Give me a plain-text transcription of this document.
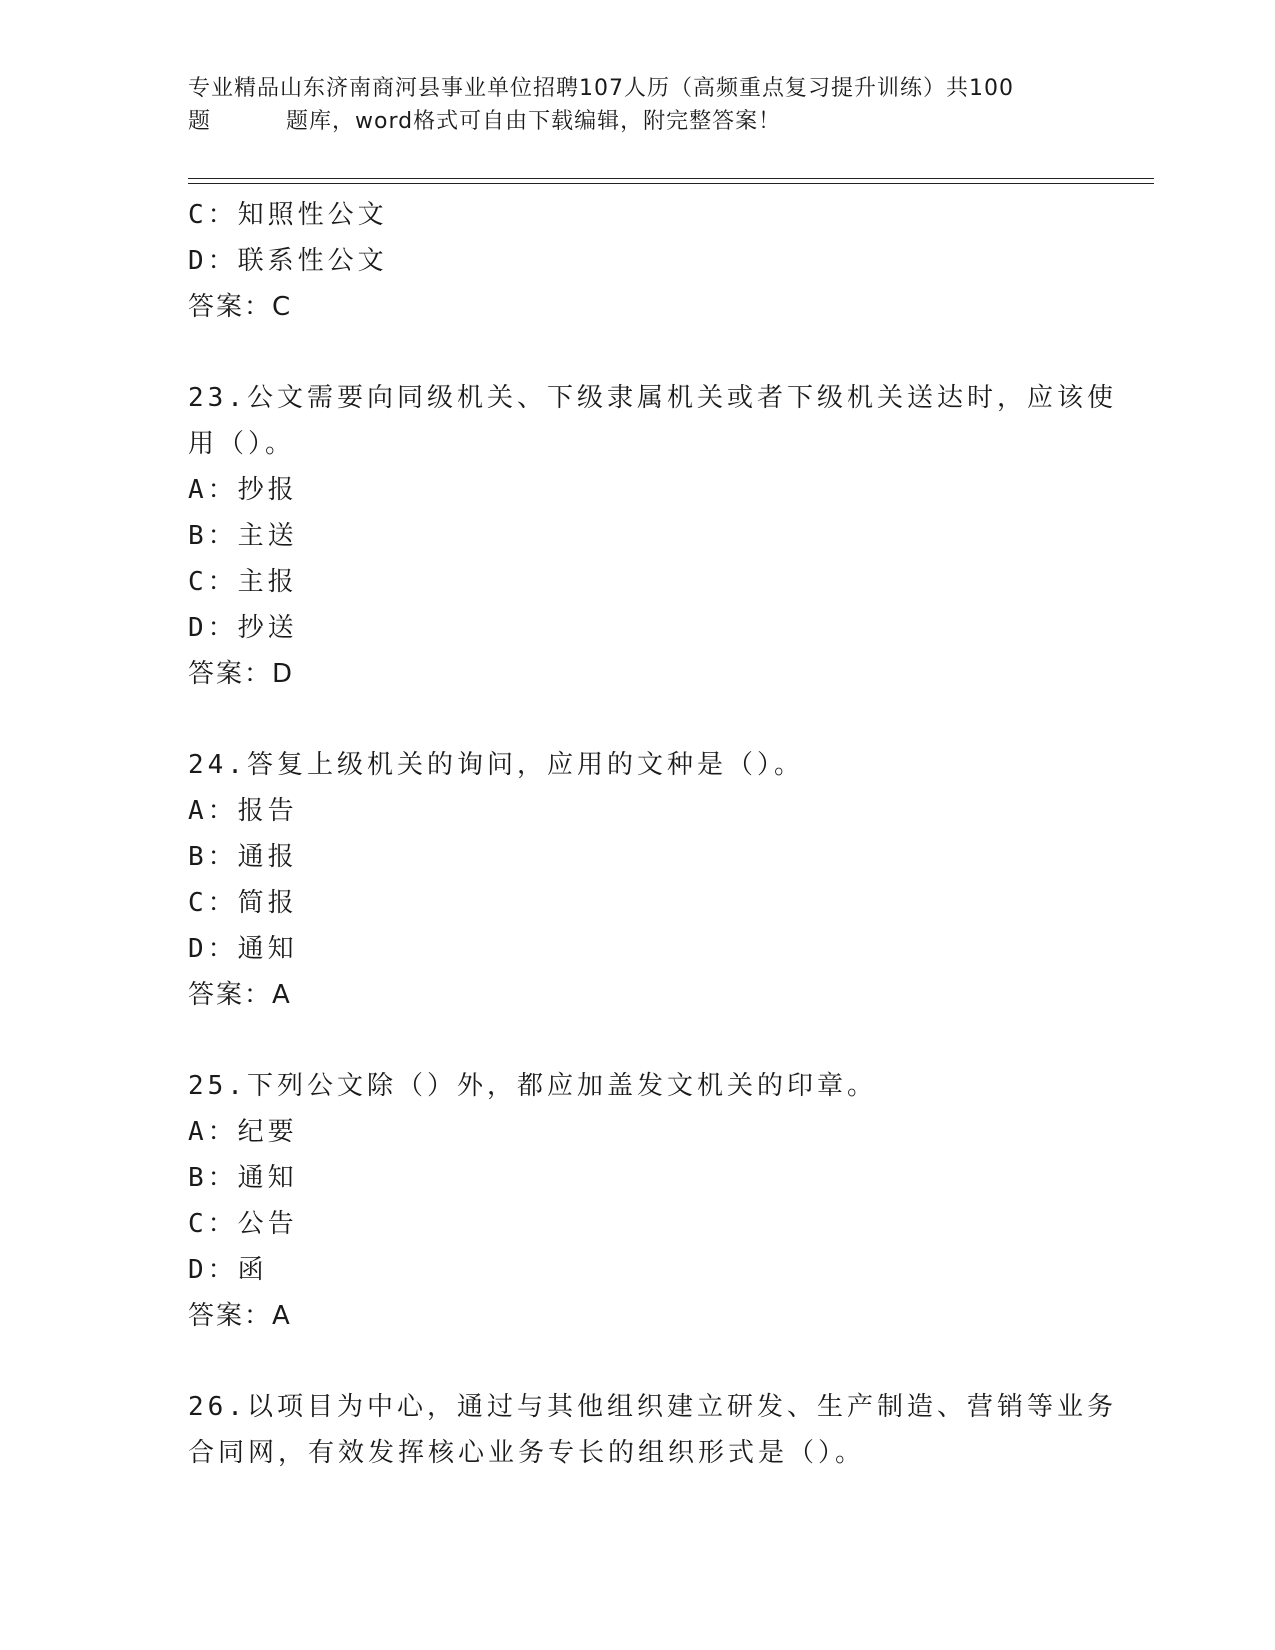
专业精品山东济南商河县事业单位招聘107人历（高频重点复习提升训练）共100
题	题库，word格式可自由下载编辑，附完整答案！
C：知照性公文
D：联系性公文
答案：C
23.公文需要向同级机关、下级隶属机关或者下级机关送达时，应该使
用（）。
A：抄报
B：主送
C：主报
D：抄送
答案：D
24.答复上级机关的询问，应用的文种是（）。
A：报告
B：通报
C：简报
D：通知
答案：A
25.下列公文除（）外，都应加盖发文机关的印章。
A：纪要
B：通知
C：公告
D：函
答案：A
26.以项目为中心，通过与其他组织建立研发、生产制造、营销等业务
合同网，有效发挥核心业务专长的组织形式是（）。
